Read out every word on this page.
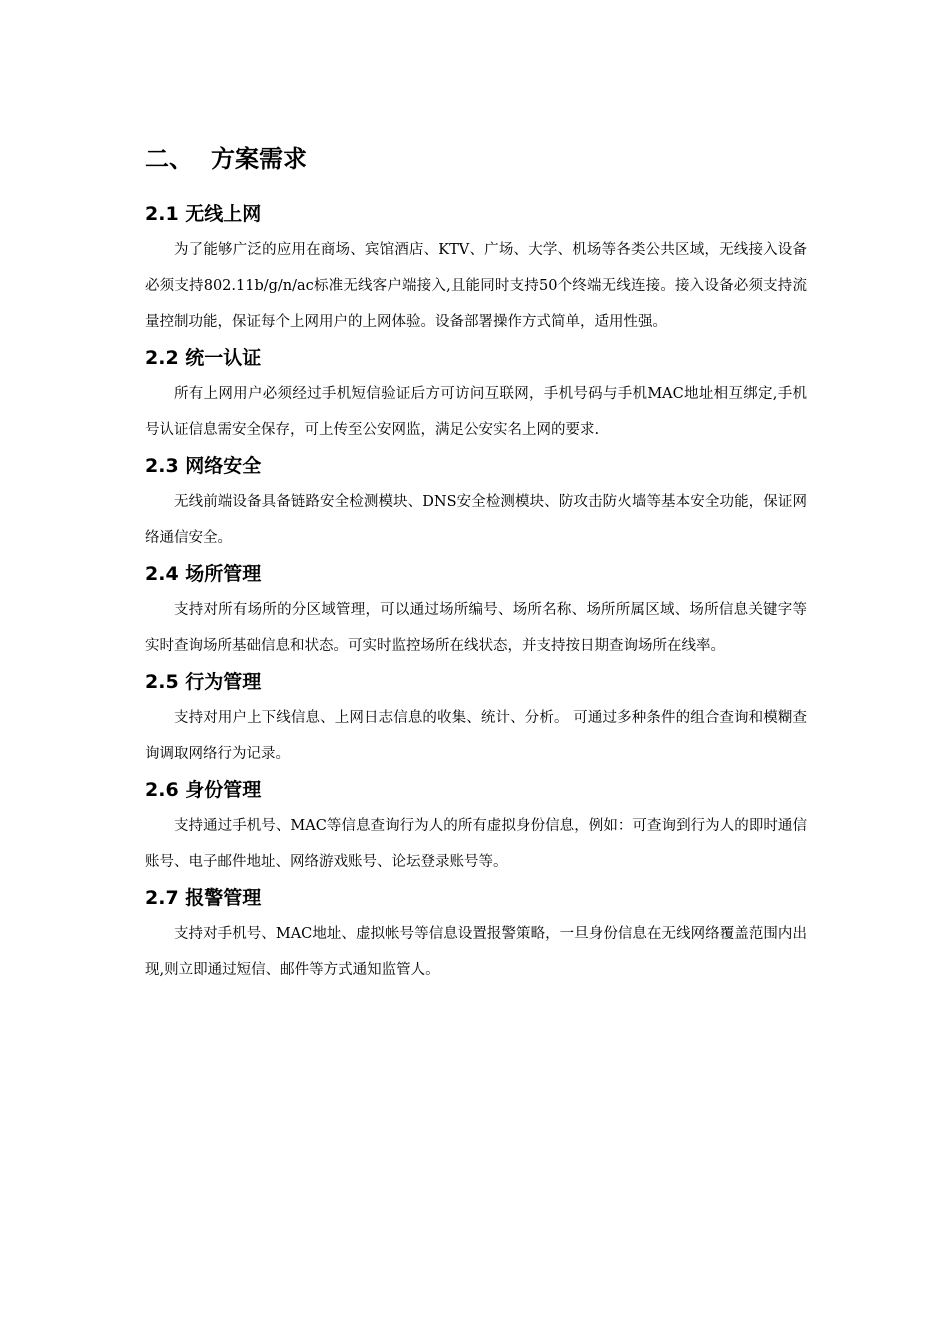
二、 方案需求
2.1 无线上网

为了能够广泛的应用在商场、宾馆酒店、KTV、广场、大学、机场等各类公共区域，无线接入设备必须支持802.11b/g/n/ac标准无线客户端接入,且能同时支持50个终端无线连接。接入设备必须支持流量控制功能，保证每个上网用户的上网体验。设备部署操作方式简单，适用性强。

2.2 统一认证

所有上网用户必须经过手机短信验证后方可访问互联网，手机号码与手机MAC地址相互绑定,手机号认证信息需安全保存，可上传至公安网监，满足公安实名上网的要求.

2.3 网络安全

无线前端设备具备链路安全检测模块、DNS安全检测模块、防攻击防火墙等基本安全功能，保证网络通信安全。

2.4 场所管理

支持对所有场所的分区域管理，可以通过场所编号、场所名称、场所所属区域、场所信息关键字等实时查询场所基础信息和状态。可实时监控场所在线状态，并支持按日期查询场所在线率。

2.5 行为管理

支持对用户上下线信息、上网日志信息的收集、统计、分析。 可通过多种条件的组合查询和模糊查询调取网络行为记录。

2.6 身份管理

支持通过手机号、MAC等信息查询行为人的所有虚拟身份信息，例如：可查询到行为人的即时通信账号、电子邮件地址、网络游戏账号、论坛登录账号等。

2.7 报警管理

支持对手机号、MAC地址、虚拟帐号等信息设置报警策略，一旦身份信息在无线网络覆盖范围内出现,则立即通过短信、邮件等方式通知监管人。
